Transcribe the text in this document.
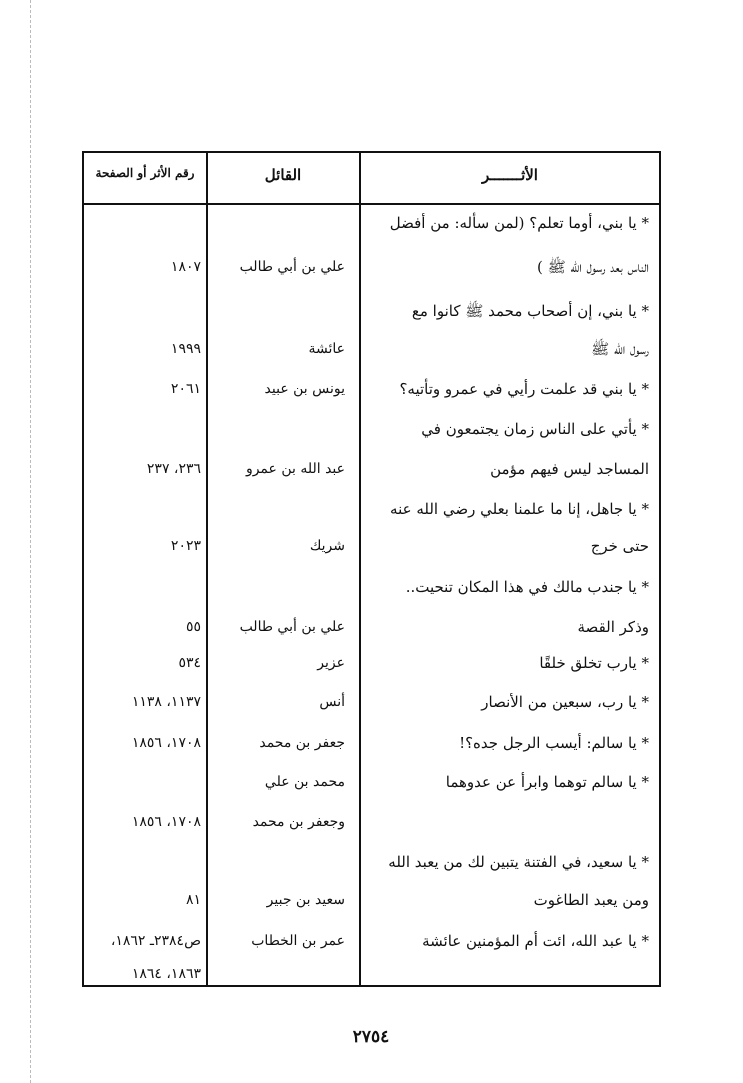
الأثـــــــر
القائل
رقم الأثر أو الصفحة
* يا بني، أوما تعلم؟ (لمن سأله: من أفضل
الناس بعد رسول الله ﷺ )
علي بن أبي طالب
١٨٠٧
* يا بني، إن أصحاب محمد ﷺ كانوا مع
رسول الله ﷺ
عائشة
١٩٩٩
* يا بني قد علمت رأيي في عمرو وتأتيه؟
يونس بن عبيد
٢٠٦١
* يأتي على الناس زمان يجتمعون في
المساجد ليس فيهم مؤمن
عبد الله بن عمرو
٢٣٦، ٢٣٧
* يا جاهل، إنا ما علمنا بعلي رضي الله عنه
حتى خرج
شريك
٢٠٢٣
* يا جندب مالك في هذا المكان تنحيت..
وذكر القصة
علي بن أبي طالب
٥٥
* يارب تخلق خلقًا
عزير
٥٣٤
* يا رب، سبعين من الأنصار
أنس
١١٣٧، ١١٣٨
* يا سالم: أيسب الرجل جده؟!
جعفر بن محمد
١٧٠٨، ١٨٥٦
* يا سالم توهما وابرأ عن عدوهما
محمد بن علي
وجعفر بن محمد
١٧٠٨، ١٨٥٦
* يا سعيد، في الفتنة يتبين لك من يعبد الله
ومن يعبد الطاغوت
سعيد بن جبير
٨١
* يا عبد الله، ائت أم المؤمنين عائشة
عمر بن الخطاب
ص٢٣٨٤ـ ١٨٦٢،
١٨٦٣، ١٨٦٤
٢٧٥٤
